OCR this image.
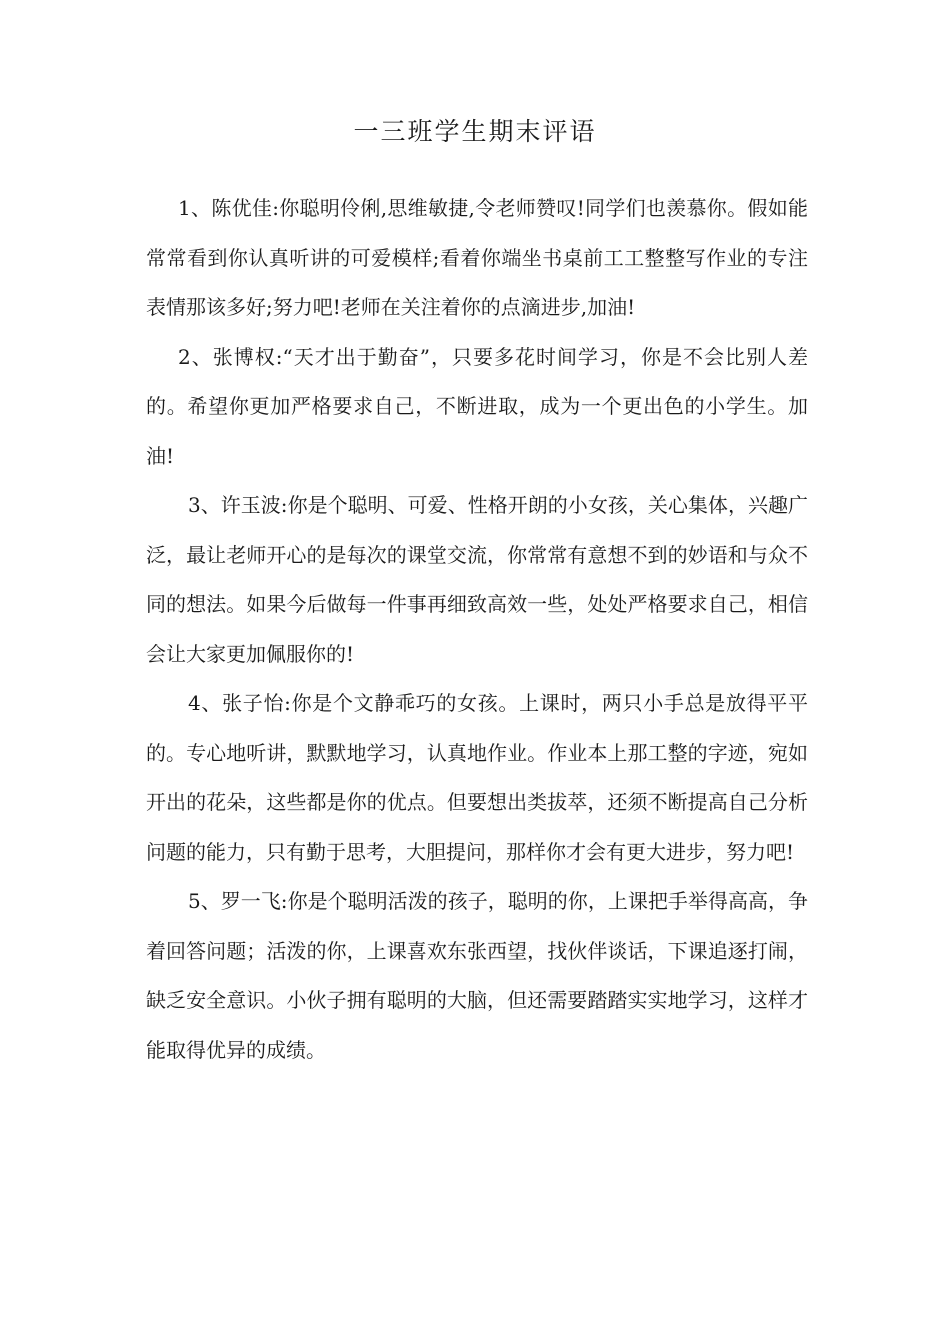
一三班学生期末评语

1、陈优佳:你聪明伶俐,思维敏捷,令老师赞叹!同学们也羡慕你。假如能常常看到你认真听讲的可爱模样;看着你端坐书桌前工工整整写作业的专注表情那该多好;努力吧!老师在关注着你的点滴进步,加油!

2、张博权:“天才出于勤奋”，只要多花时间学习，你是不会比别人差的。希望你更加严格要求自己，不断进取，成为一个更出色的小学生。加油!

3、许玉波:你是个聪明、可爱、性格开朗的小女孩，关心集体，兴趣广泛，最让老师开心的是每次的课堂交流，你常常有意想不到的妙语和与众不同的想法。如果今后做每一件事再细致高效一些，处处严格要求自己，相信会让大家更加佩服你的!

4、张子怡:你是个文静乖巧的女孩。上课时，两只小手总是放得平平的。专心地听讲，默默地学习，认真地作业。作业本上那工整的字迹，宛如开出的花朵，这些都是你的优点。但要想出类拔萃，还须不断提高自己分析问题的能力，只有勤于思考，大胆提问，那样你才会有更大进步，努力吧!

5、罗一飞:你是个聪明活泼的孩子，聪明的你，上课把手举得高高，争着回答问题；活泼的你，上课喜欢东张西望，找伙伴谈话，下课追逐打闹，缺乏安全意识。小伙子拥有聪明的大脑，但还需要踏踏实实地学习，这样才能取得优异的成绩。
